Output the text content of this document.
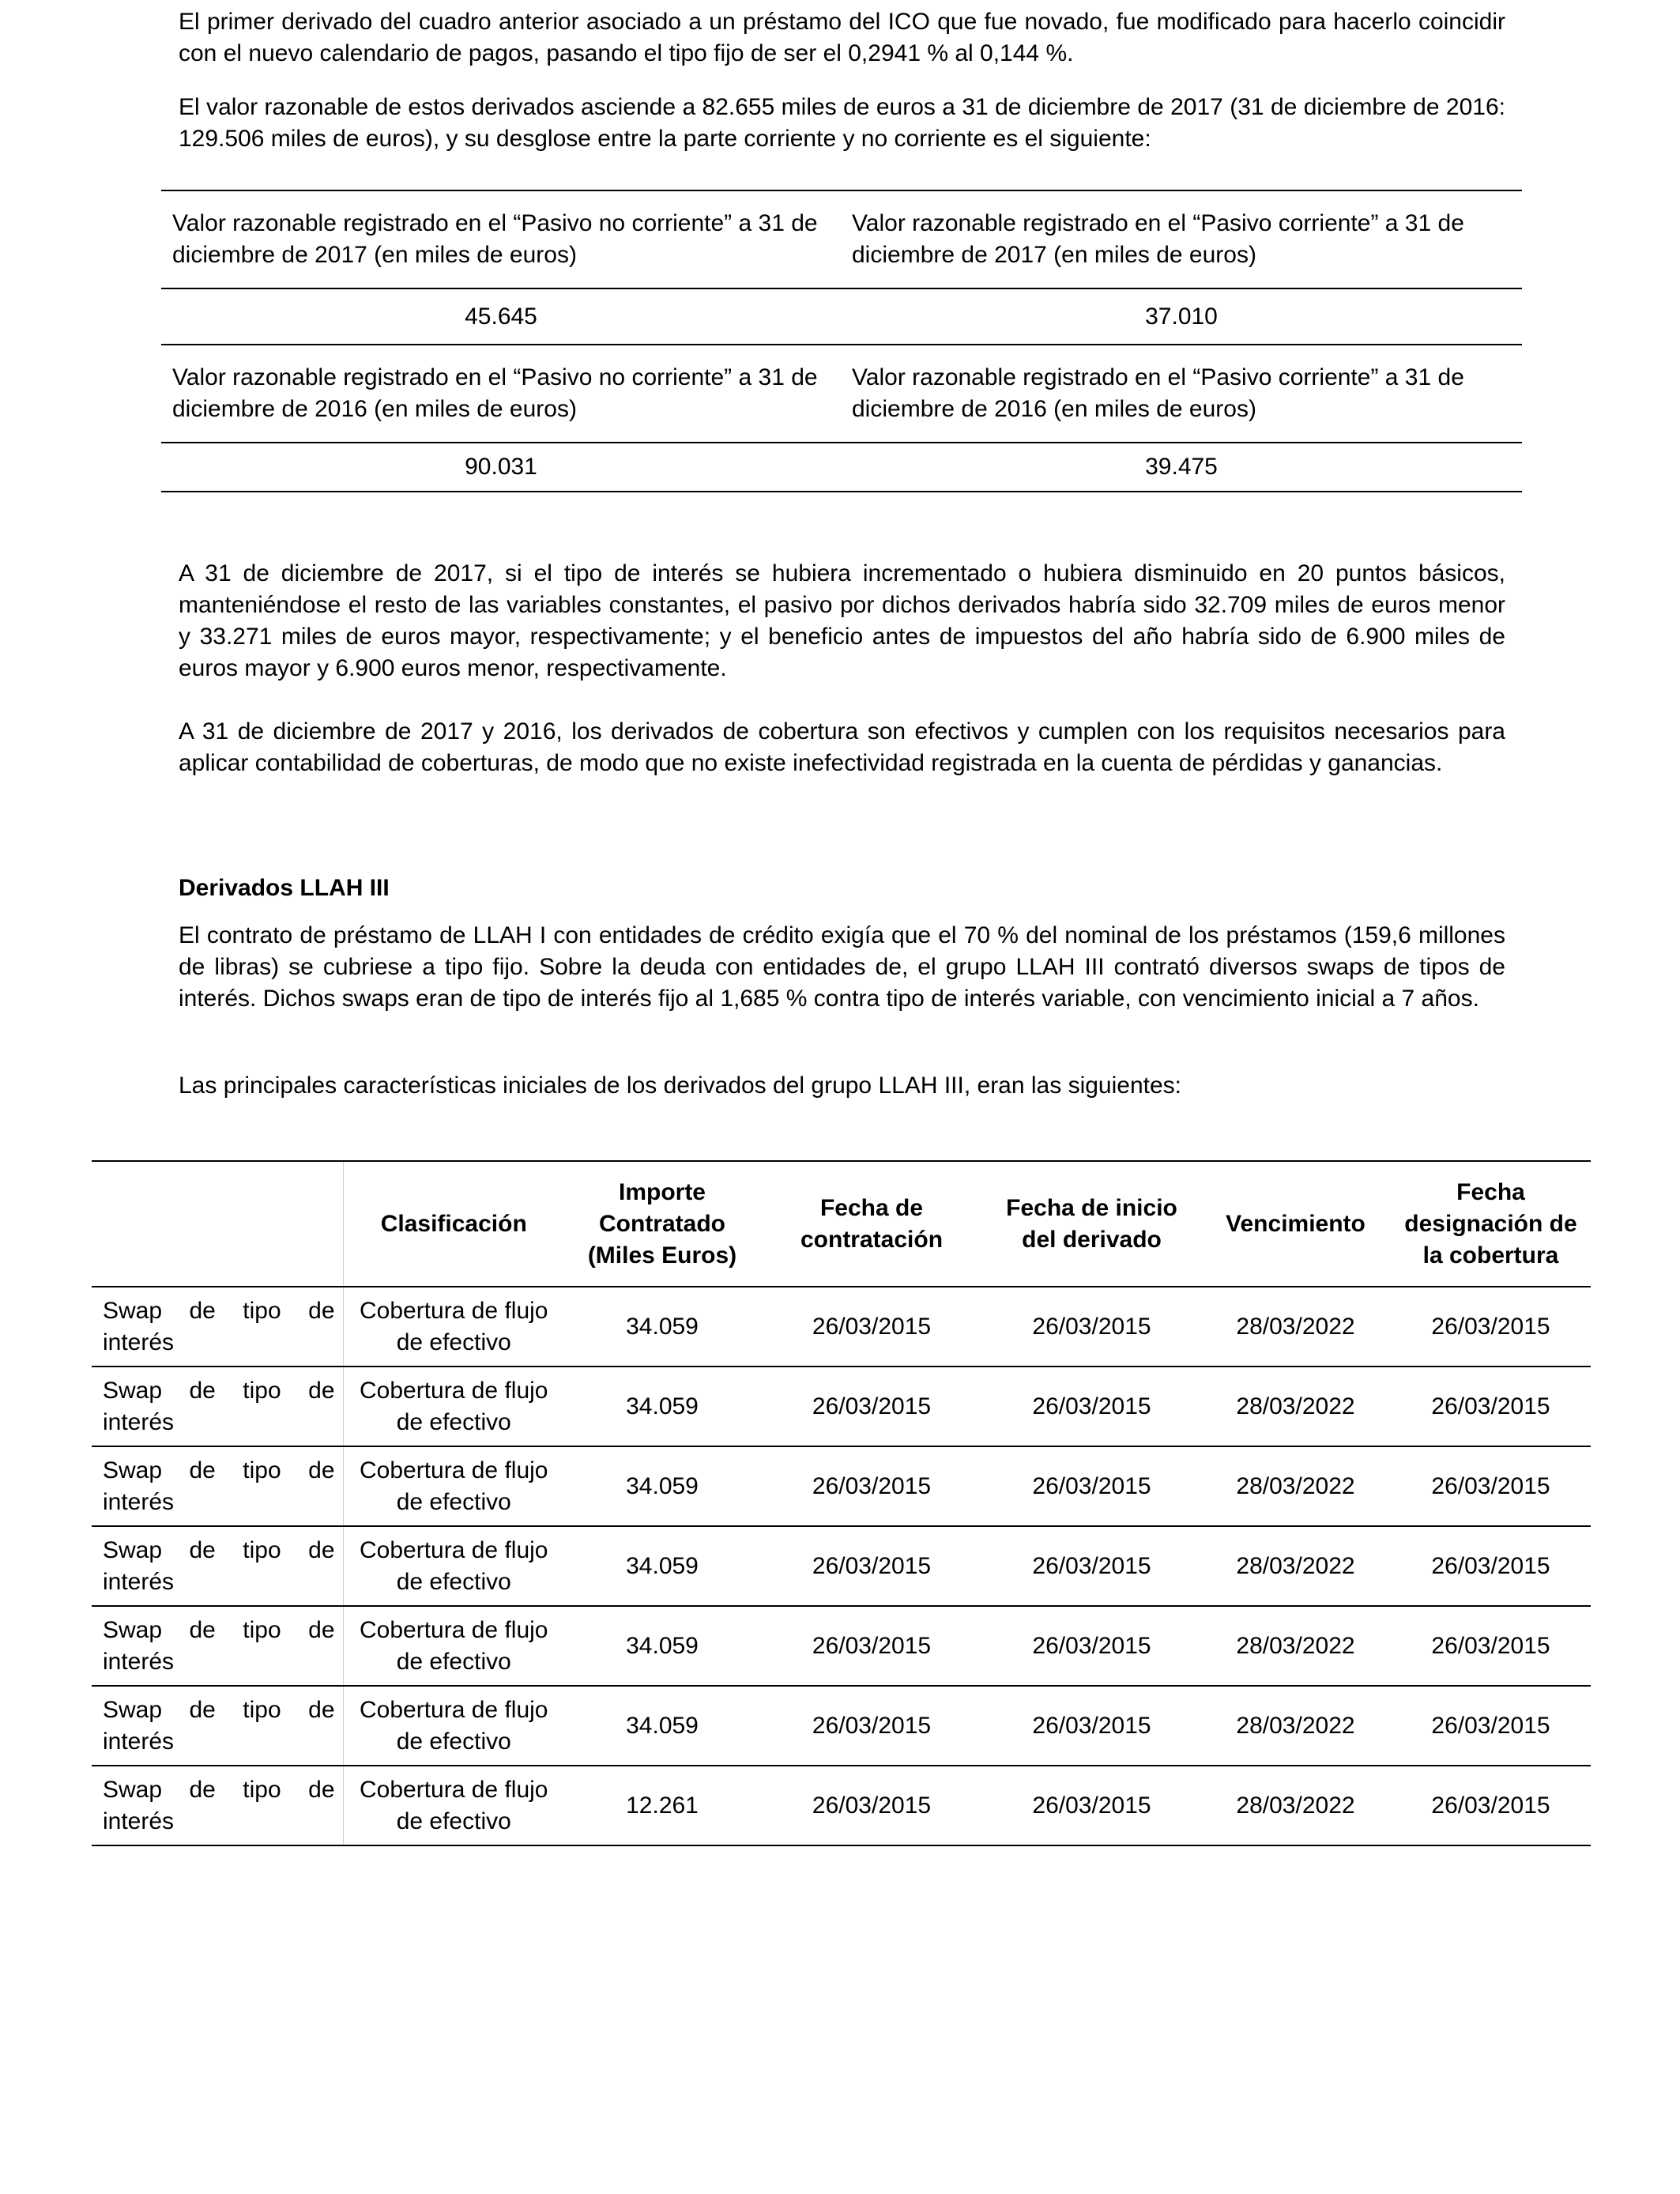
El primer derivado del cuadro anterior asociado a un préstamo del ICO que fue novado, fue modificado para hacerlo coincidir con el nuevo calendario de pagos, pasando el tipo fijo de ser el 0,2941 % al 0,144 %.

El valor razonable de estos derivados asciende a 82.655 miles de euros a 31 de diciembre de 2017 (31 de diciembre de 2016: 129.506 miles de euros), y su desglose entre la parte corriente y no corriente es el siguiente:

Valor razonable registrado en el “Pasivo no corriente” a 31 de diciembre de 2017 (en miles de euros)	Valor razonable registrado en el “Pasivo corriente” a 31 de diciembre de 2017 (en miles de euros)
45.645	37.010
Valor razonable registrado en el “Pasivo no corriente” a 31 de diciembre de 2016 (en miles de euros)	Valor razonable registrado en el “Pasivo corriente” a 31 de diciembre de 2016 (en miles de euros)
90.031	39.475

A 31 de diciembre de 2017, si el tipo de interés se hubiera incrementado o hubiera disminuido en 20 puntos básicos, manteniéndose el resto de las variables constantes, el pasivo por dichos derivados habría sido 32.709 miles de euros menor y 33.271 miles de euros mayor, respectivamente; y el beneficio antes de impuestos del año habría sido de 6.900 miles de euros mayor y 6.900 euros menor, respectivamente.

A 31 de diciembre de 2017 y 2016, los derivados de cobertura son efectivos y cumplen con los requisitos necesarios para aplicar contabilidad de coberturas, de modo que no existe inefectividad registrada en la cuenta de pérdidas y ganancias.

Derivados LLAH III

El contrato de préstamo de LLAH I con entidades de crédito exigía que el 70 % del nominal de los préstamos (159,6 millones de libras) se cubriese a tipo fijo. Sobre la deuda con entidades de, el grupo LLAH III contrató diversos swaps de tipos de interés. Dichos swaps eran de tipo de interés fijo al 1,685 % contra tipo de interés variable, con vencimiento inicial a 7 años.

Las principales características iniciales de los derivados del grupo LLAH III, eran las siguientes:

	Clasificación	Importe Contratado (Miles Euros)	Fecha de contratación	Fecha de inicio del derivado	Vencimiento	Fecha designación de la cobertura
Swap de tipo de interés	Cobertura de flujo de efectivo	34.059	26/03/2015	26/03/2015	28/03/2022	26/03/2015
Swap de tipo de interés	Cobertura de flujo de efectivo	34.059	26/03/2015	26/03/2015	28/03/2022	26/03/2015
Swap de tipo de interés	Cobertura de flujo de efectivo	34.059	26/03/2015	26/03/2015	28/03/2022	26/03/2015
Swap de tipo de interés	Cobertura de flujo de efectivo	34.059	26/03/2015	26/03/2015	28/03/2022	26/03/2015
Swap de tipo de interés	Cobertura de flujo de efectivo	34.059	26/03/2015	26/03/2015	28/03/2022	26/03/2015
Swap de tipo de interés	Cobertura de flujo de efectivo	34.059	26/03/2015	26/03/2015	28/03/2022	26/03/2015
Swap de tipo de interés	Cobertura de flujo de efectivo	12.261	26/03/2015	26/03/2015	28/03/2022	26/03/2015
